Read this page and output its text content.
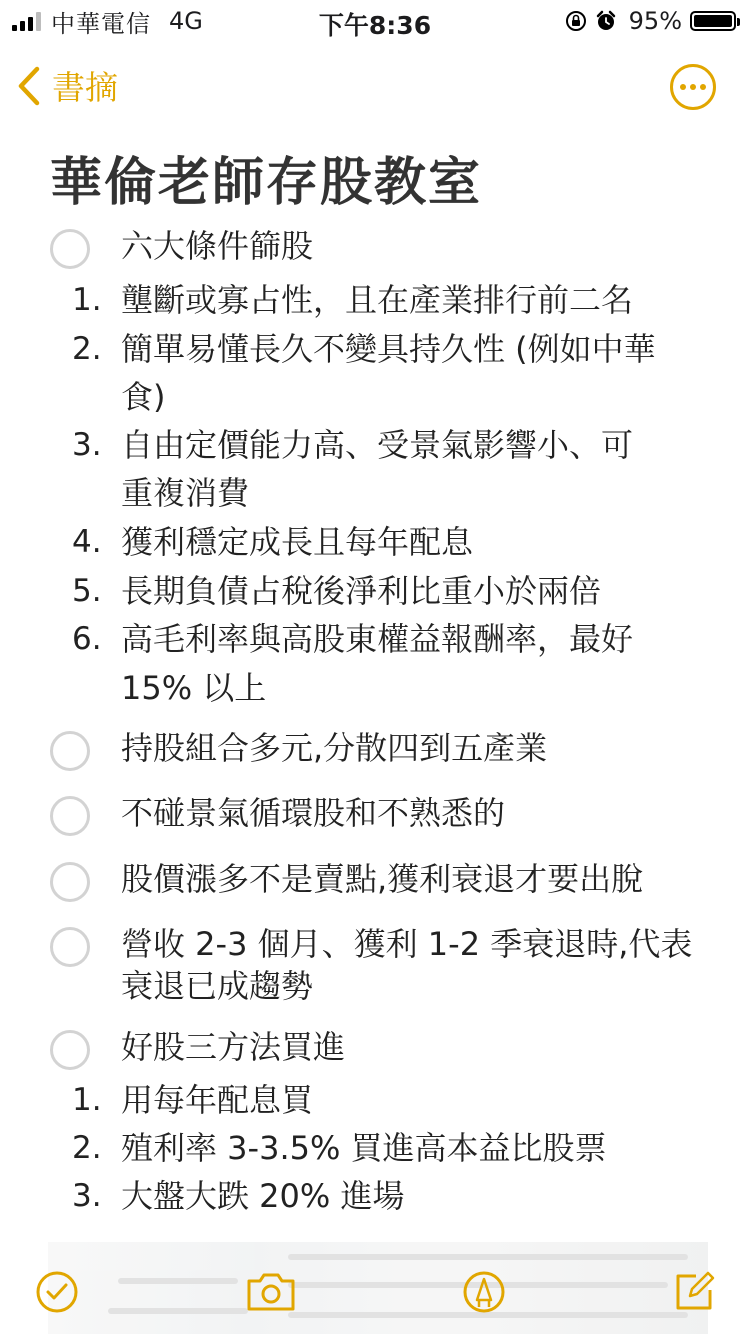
中華電信 4G	下午8:36	95%
書摘
華倫老師存股教室
六大條件篩股
1. 壟斷或寡占性，且在產業排行前二名
2. 簡單易懂長久不變具持久性 (例如中華
食)
3. 自由定價能力高、受景氣影響小、可
重複消費
4. 獲利穩定成長且每年配息
5. 長期負債占稅後淨利比重小於兩倍
6. 高毛利率與高股東權益報酬率，最好
15% 以上
持股組合多元,分散四到五產業
不碰景氣循環股和不熟悉的
股價漲多不是賣點,獲利衰退才要出脫
營收 2-3 個月、獲利 1-2 季衰退時,代表
衰退已成趨勢
好股三方法買進
1. 用每年配息買
2. 殖利率 3-3.5% 買進高本益比股票
3. 大盤大跌 20% 進場
